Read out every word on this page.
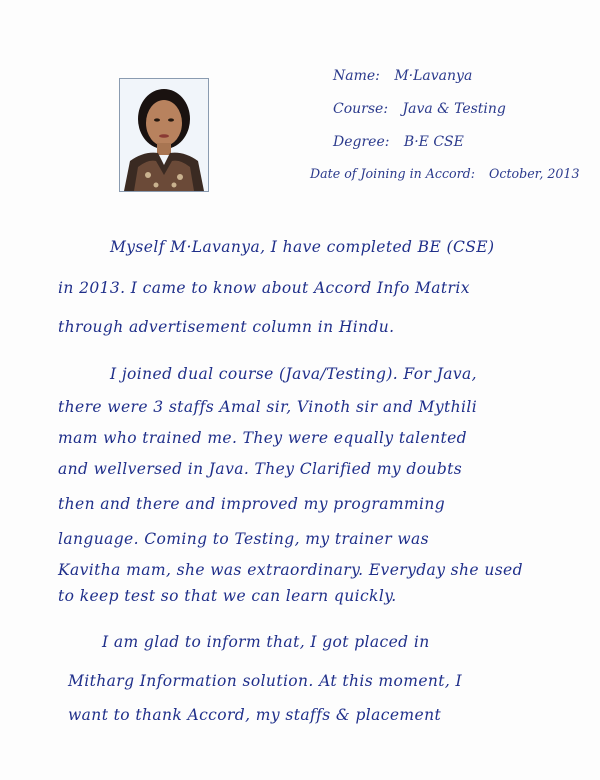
Name: M·Lavanya
Course: Java & Testing
Degree: B·E CSE
Date of Joining in Accord: October, 2013
Myself M·Lavanya, I have completed BE (CSE)
in 2013. I came to know about Accord Info Matrix
through advertisement column in Hindu.
I joined dual course (Java/Testing). For Java,
there were 3 staffs Amal sir, Vinoth sir and Mythili
mam who trained me. They were equally talented
and wellversed in Java. They Clarified my doubts
then and there and improved my programming
language. Coming to Testing, my trainer was
Kavitha mam, she was extraordinary. Everyday she used
to keep test so that we can learn quickly.
I am glad to inform that, I got placed in
Mitharg Information solution. At this moment, I
want to thank Accord, my staffs & placement
